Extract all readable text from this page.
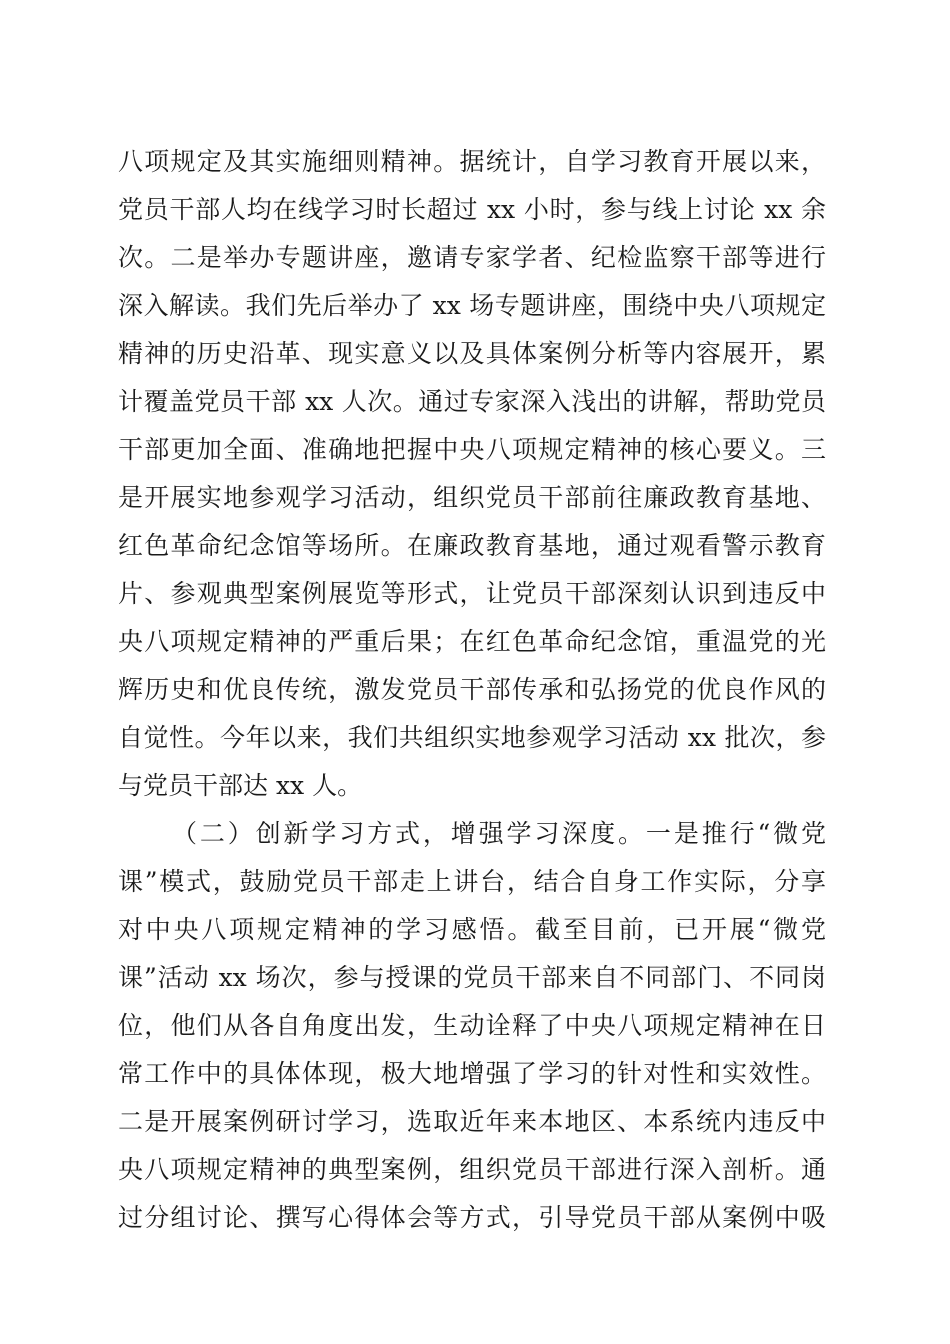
八项规定及其实施细则精神。据统计，自学习教育开展以来，
党员干部人均在线学习时长超过 xx 小时，参与线上讨论 xx 余
次。二是举办专题讲座，邀请专家学者、纪检监察干部等进行
深入解读。我们先后举办了 xx 场专题讲座，围绕中央八项规定
精神的历史沿革、现实意义以及具体案例分析等内容展开，累
计覆盖党员干部 xx 人次。通过专家深入浅出的讲解，帮助党员
干部更加全面、准确地把握中央八项规定精神的核心要义。三
是开展实地参观学习活动，组织党员干部前往廉政教育基地、
红色革命纪念馆等场所。在廉政教育基地，通过观看警示教育
片、参观典型案例展览等形式，让党员干部深刻认识到违反中
央八项规定精神的严重后果；在红色革命纪念馆，重温党的光
辉历史和优良传统，激发党员干部传承和弘扬党的优良作风的
自觉性。今年以来，我们共组织实地参观学习活动 xx 批次，参
与党员干部达 xx 人。
（二）创新学习方式，增强学习深度。一是推行“微党
课”模式，鼓励党员干部走上讲台，结合自身工作实际，分享
对中央八项规定精神的学习感悟。截至目前，已开展“微党
课”活动 xx 场次，参与授课的党员干部来自不同部门、不同岗
位，他们从各自角度出发，生动诠释了中央八项规定精神在日
常工作中的具体体现，极大地增强了学习的针对性和实效性。
二是开展案例研讨学习，选取近年来本地区、本系统内违反中
央八项规定精神的典型案例，组织党员干部进行深入剖析。通
过分组讨论、撰写心得体会等方式，引导党员干部从案例中吸
